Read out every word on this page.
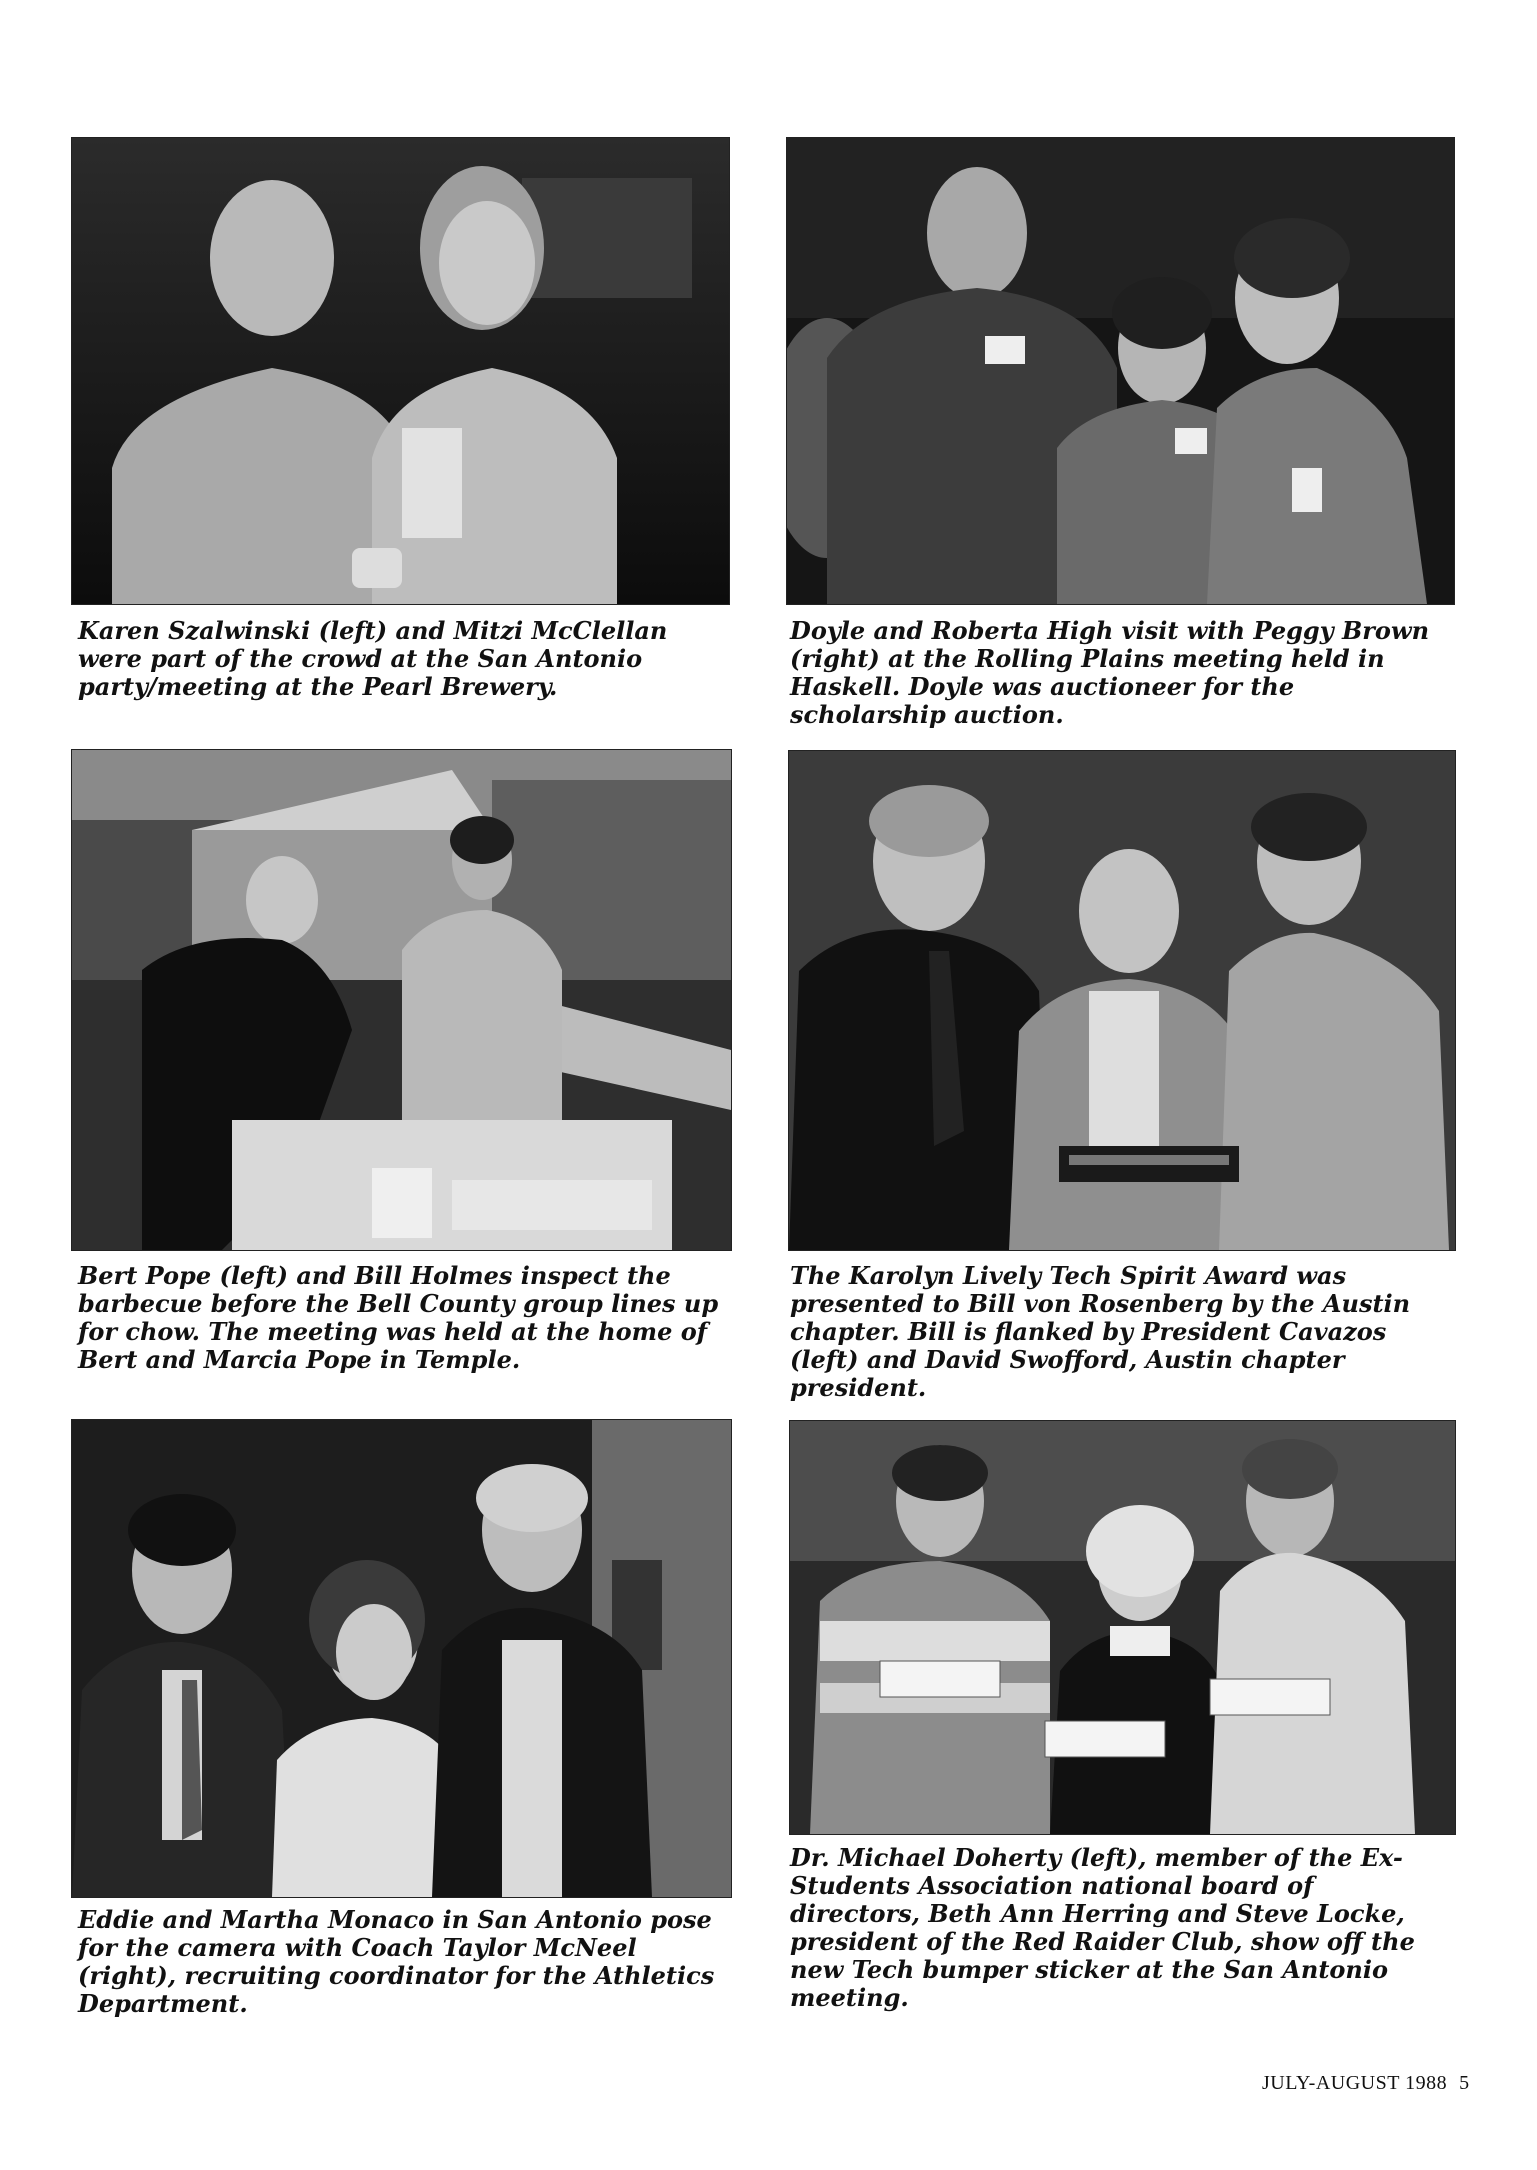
Karen Szalwinski (left) and Mitzi McClellan were part of the crowd at the San Antonio party/meeting at the Pearl Brewery.

Doyle and Roberta High visit with Peggy Brown (right) at the Rolling Plains meeting held in Haskell. Doyle was auctioneer for the scholarship auction.

Bert Pope (left) and Bill Holmes inspect the barbecue before the Bell County group lines up for chow. The meeting was held at the home of Bert and Marcia Pope in Temple.

The Karolyn Lively Tech Spirit Award was presented to Bill von Rosenberg by the Austin chapter. Bill is flanked by President Cavazos (left) and David Swofford, Austin chapter president.

Eddie and Martha Monaco in San Antonio pose for the camera with Coach Taylor McNeel (right), recruiting coordinator for the Athletics Department.

Dr. Michael Doherty (left), member of the Ex-Students Association national board of directors, Beth Ann Herring and Steve Locke, president of the Red Raider Club, show off the new Tech bumper sticker at the San Antonio meeting.

JULY-AUGUST 1988 5
